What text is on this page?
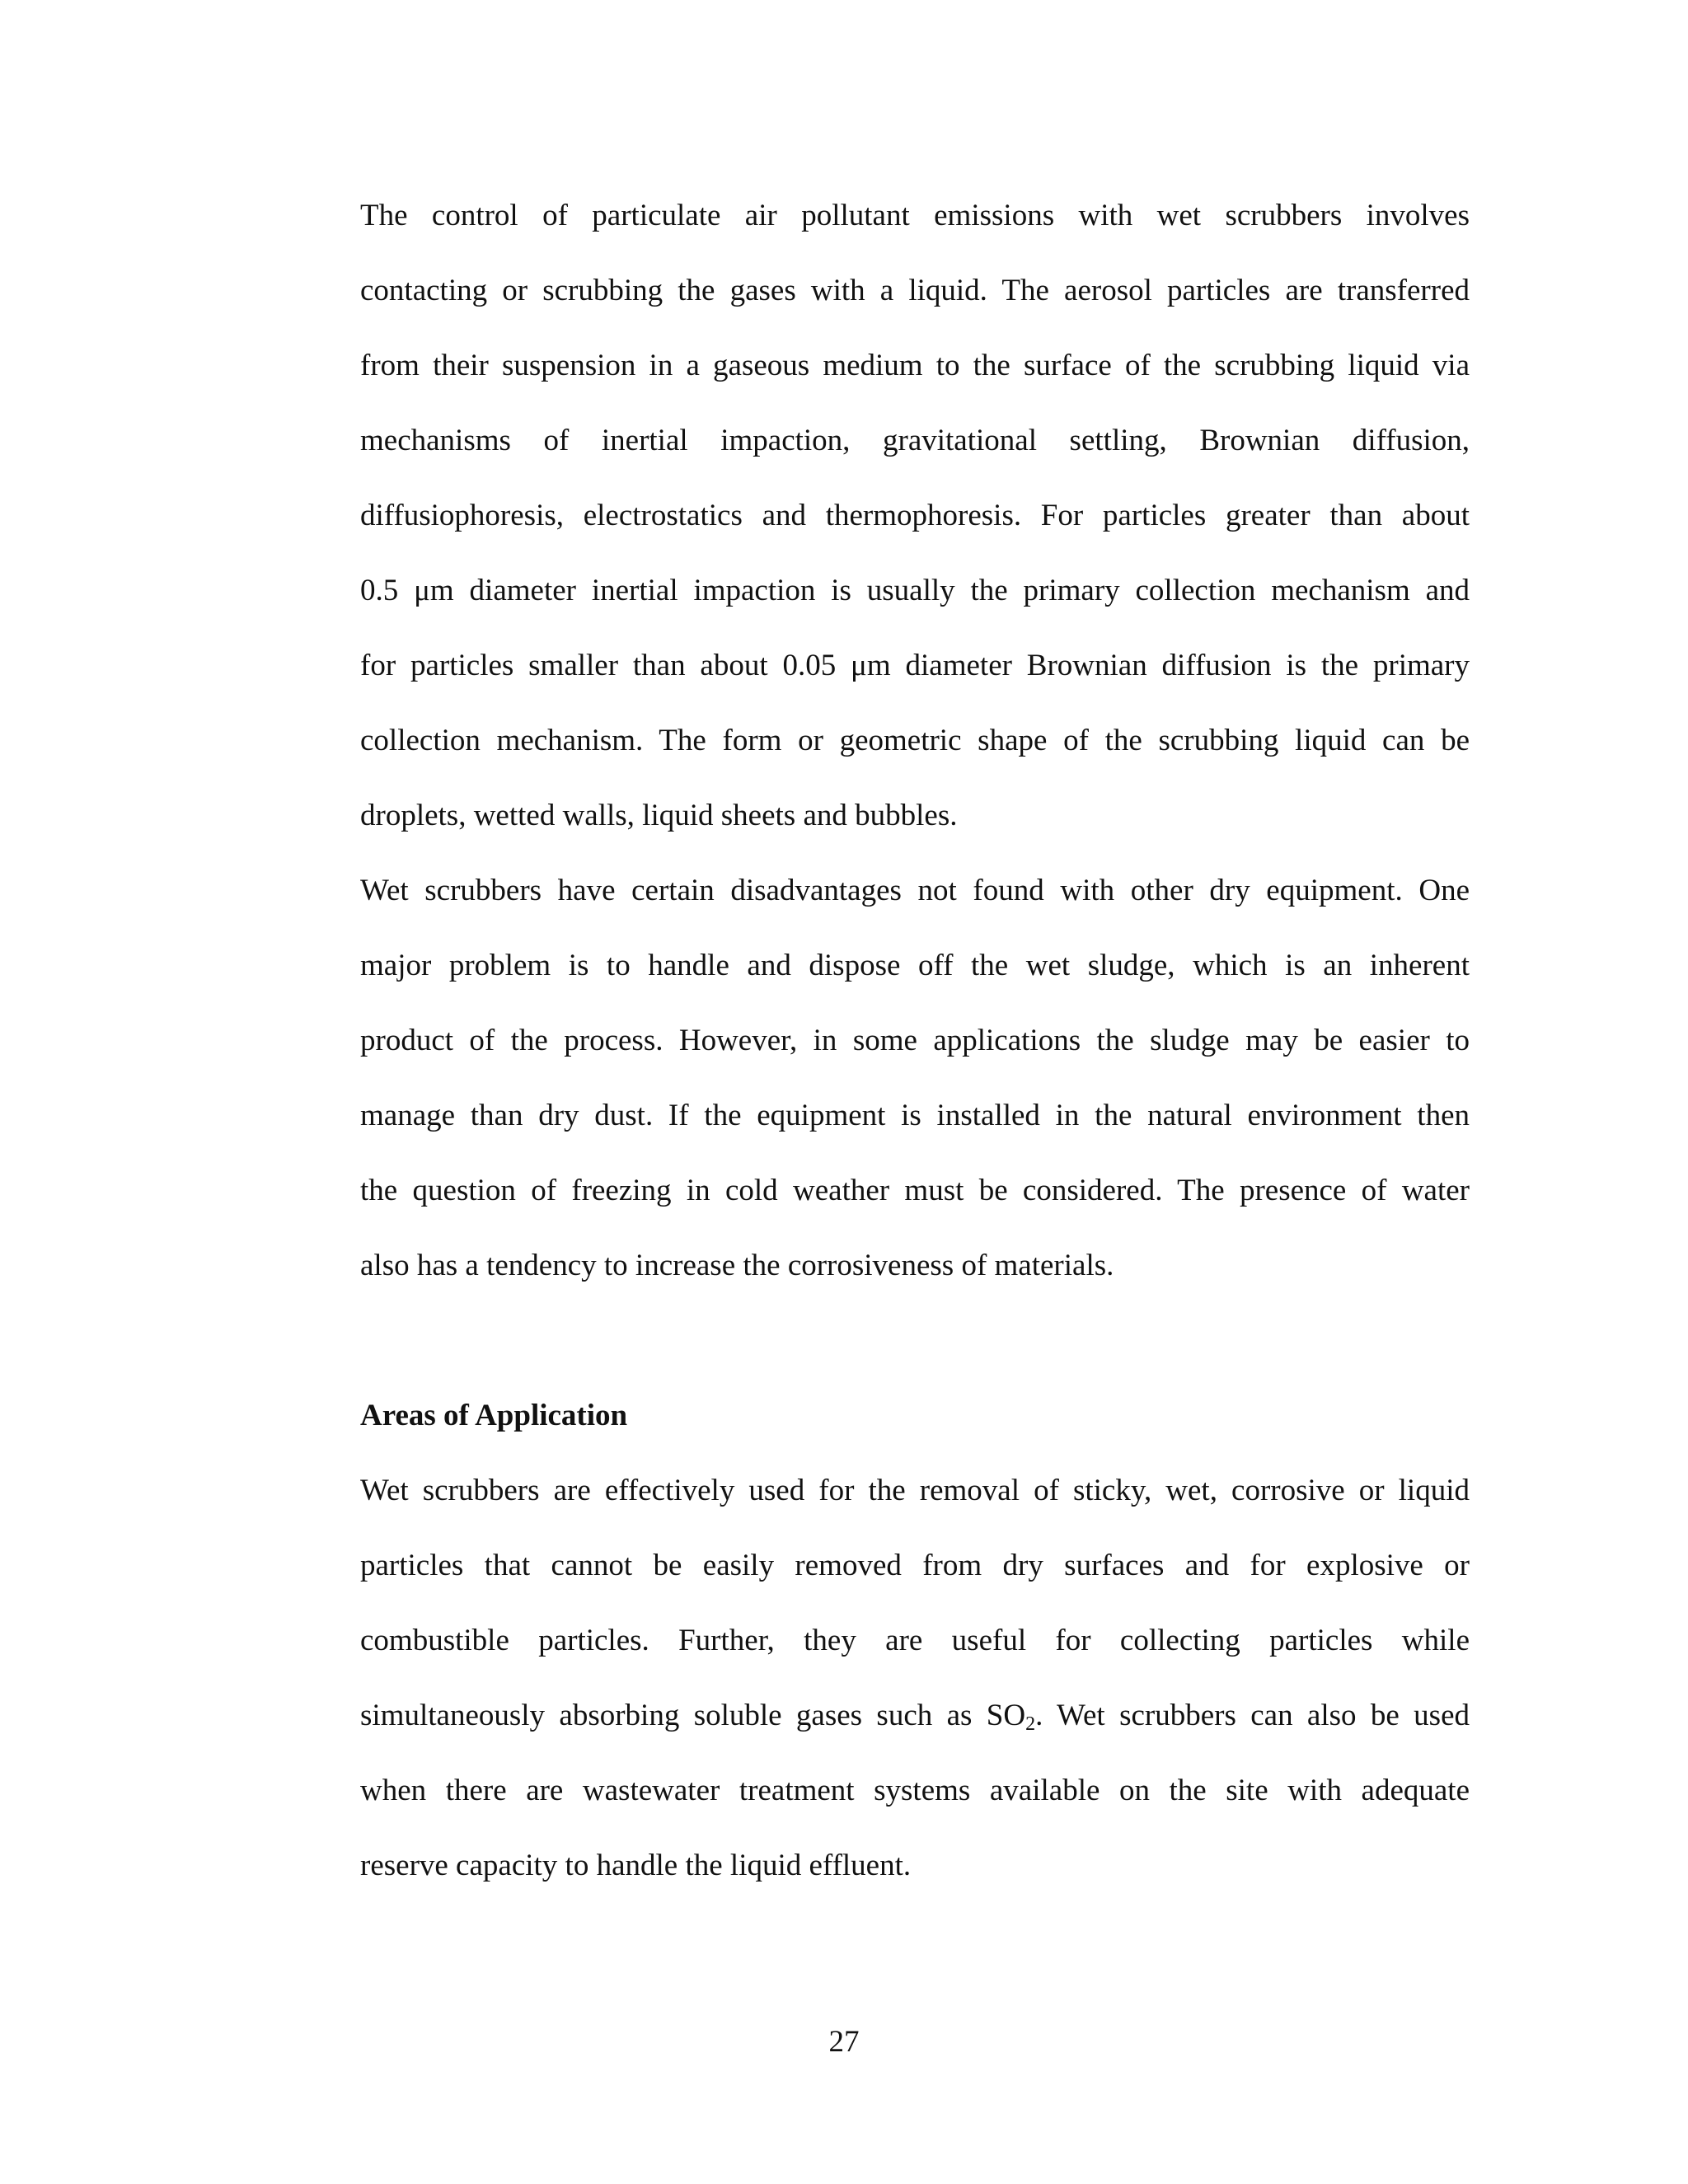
The control of particulate air pollutant emissions with wet scrubbers involves
contacting or scrubbing the gases with a liquid. The aerosol particles are transferred
from their suspension in a gaseous medium to the surface of the scrubbing liquid via
mechanisms of inertial impaction, gravitational settling, Brownian diffusion,
diffusiophoresis, electrostatics and thermophoresis. For particles greater than about
0.5 μm diameter inertial impaction is usually the primary collection mechanism and
for particles smaller than about 0.05 μm diameter Brownian diffusion is the primary
collection mechanism. The form or geometric shape of the scrubbing liquid can be
droplets, wetted walls, liquid sheets and bubbles.
Wet scrubbers have certain disadvantages not found with other dry equipment. One
major problem is to handle and dispose off the wet sludge, which is an inherent
product of the process. However, in some applications the sludge may be easier to
manage than dry dust. If the equipment is installed in the natural environment then
the question of freezing in cold weather must be considered. The presence of water
also has a tendency to increase the corrosiveness of materials.
Areas of Application
Wet scrubbers are effectively used for the removal of sticky, wet, corrosive or liquid
particles that cannot be easily removed from dry surfaces and for explosive or
combustible particles. Further, they are useful for collecting particles while
simultaneously absorbing soluble gases such as $SO_2$. Wet scrubbers can also be used
when there are wastewater treatment systems available on the site with adequate
reserve capacity to handle the liquid effluent.
27
